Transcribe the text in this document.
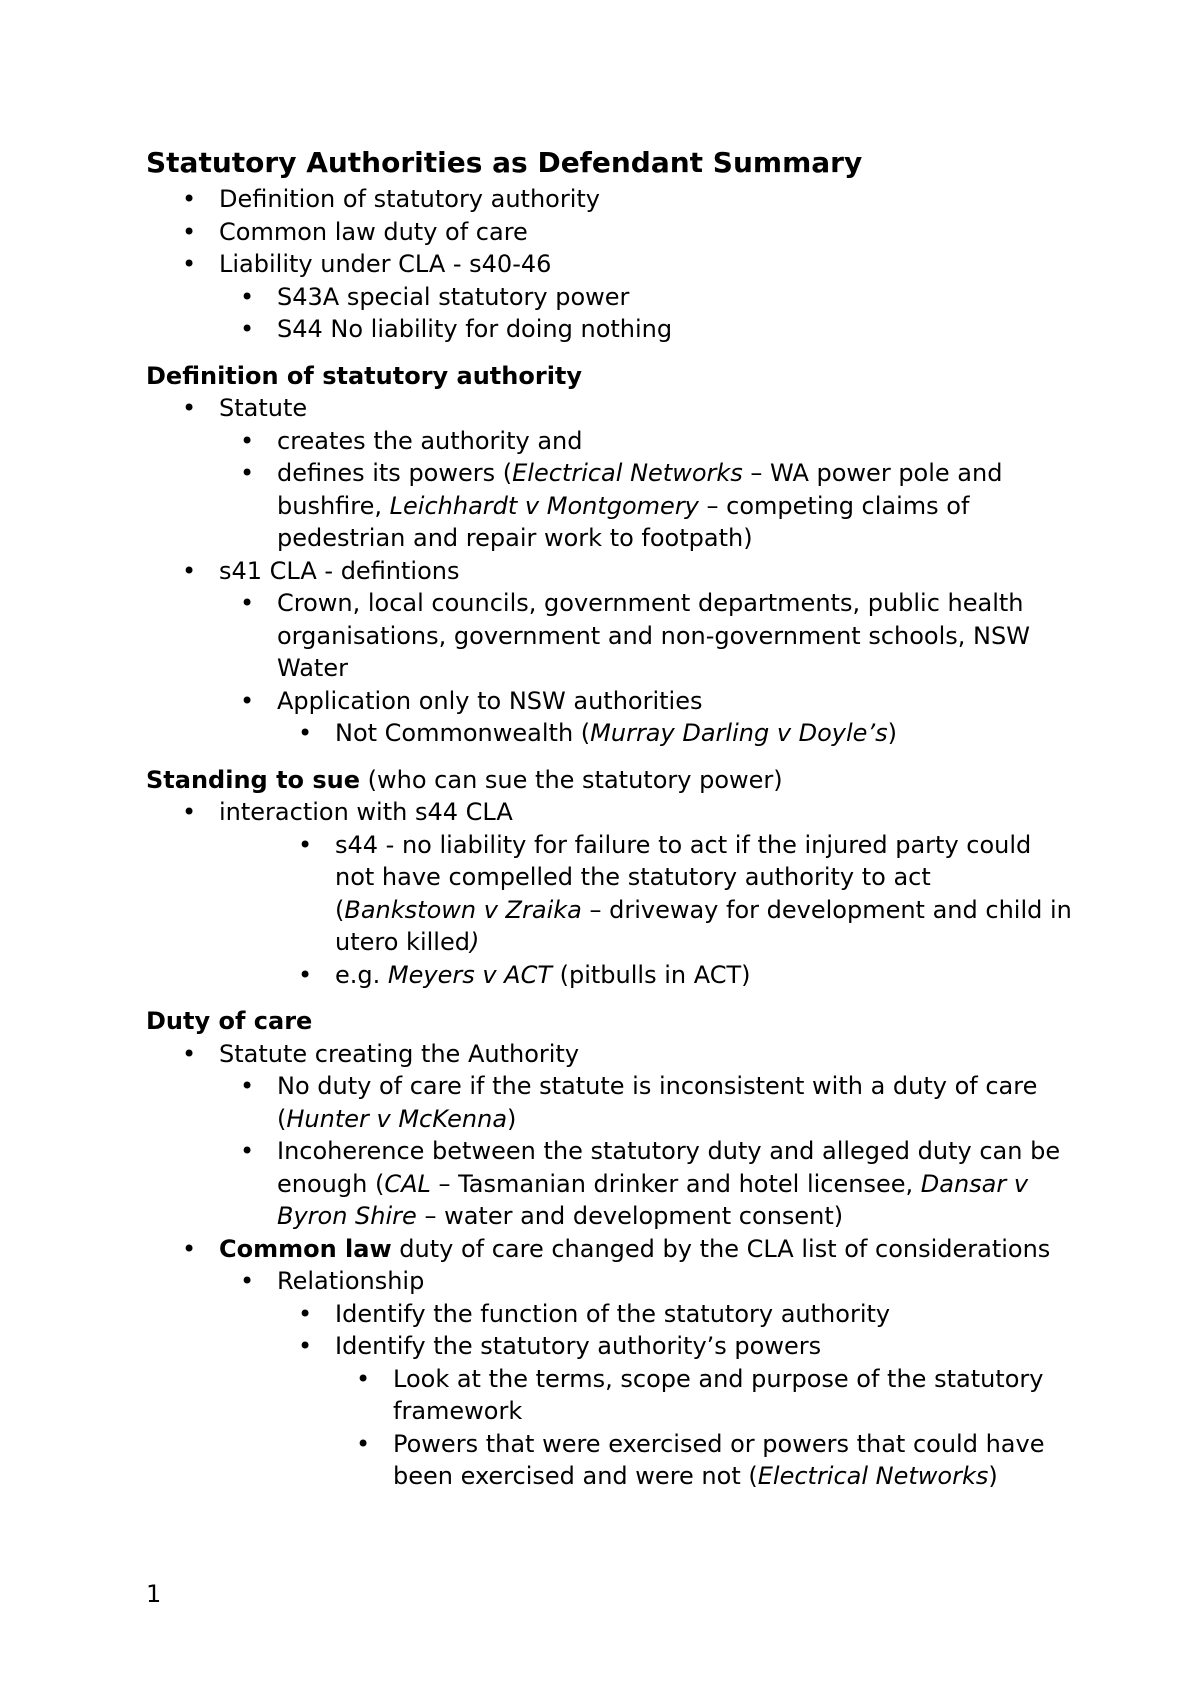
Statutory Authorities as Defendant Summary
• Definition of statutory authority
• Common law duty of care
• Liability under CLA - s40-46
• S43A special statutory power
• S44 No liability for doing nothing
Definition of statutory authority
• Statute
• creates the authority and
• defines its powers (Electrical Networks – WA power pole and bushfire, Leichhardt v Montgomery – competing claims of pedestrian and repair work to footpath)
• s41 CLA - defintions
• Crown, local councils, government departments, public health organisations, government and non-government schools, NSW Water
• Application only to NSW authorities
• Not Commonwealth (Murray Darling v Doyle’s)
Standing to sue (who can sue the statutory power)
• interaction with s44 CLA
• s44 - no liability for failure to act if the injured party could not have compelled the statutory authority to act (Bankstown v Zraika – driveway for development and child in utero killed)
• e.g. Meyers v ACT (pitbulls in ACT)
Duty of care
• Statute creating the Authority
• No duty of care if the statute is inconsistent with a duty of care (Hunter v McKenna)
• Incoherence between the statutory duty and alleged duty can be enough (CAL – Tasmanian drinker and hotel licensee, Dansar v Byron Shire – water and development consent)
• Common law duty of care changed by the CLA list of considerations
• Relationship
• Identify the function of the statutory authority
• Identify the statutory authority’s powers
• Look at the terms, scope and purpose of the statutory framework
• Powers that were exercised or powers that could have been exercised and were not (Electrical Networks)
1
